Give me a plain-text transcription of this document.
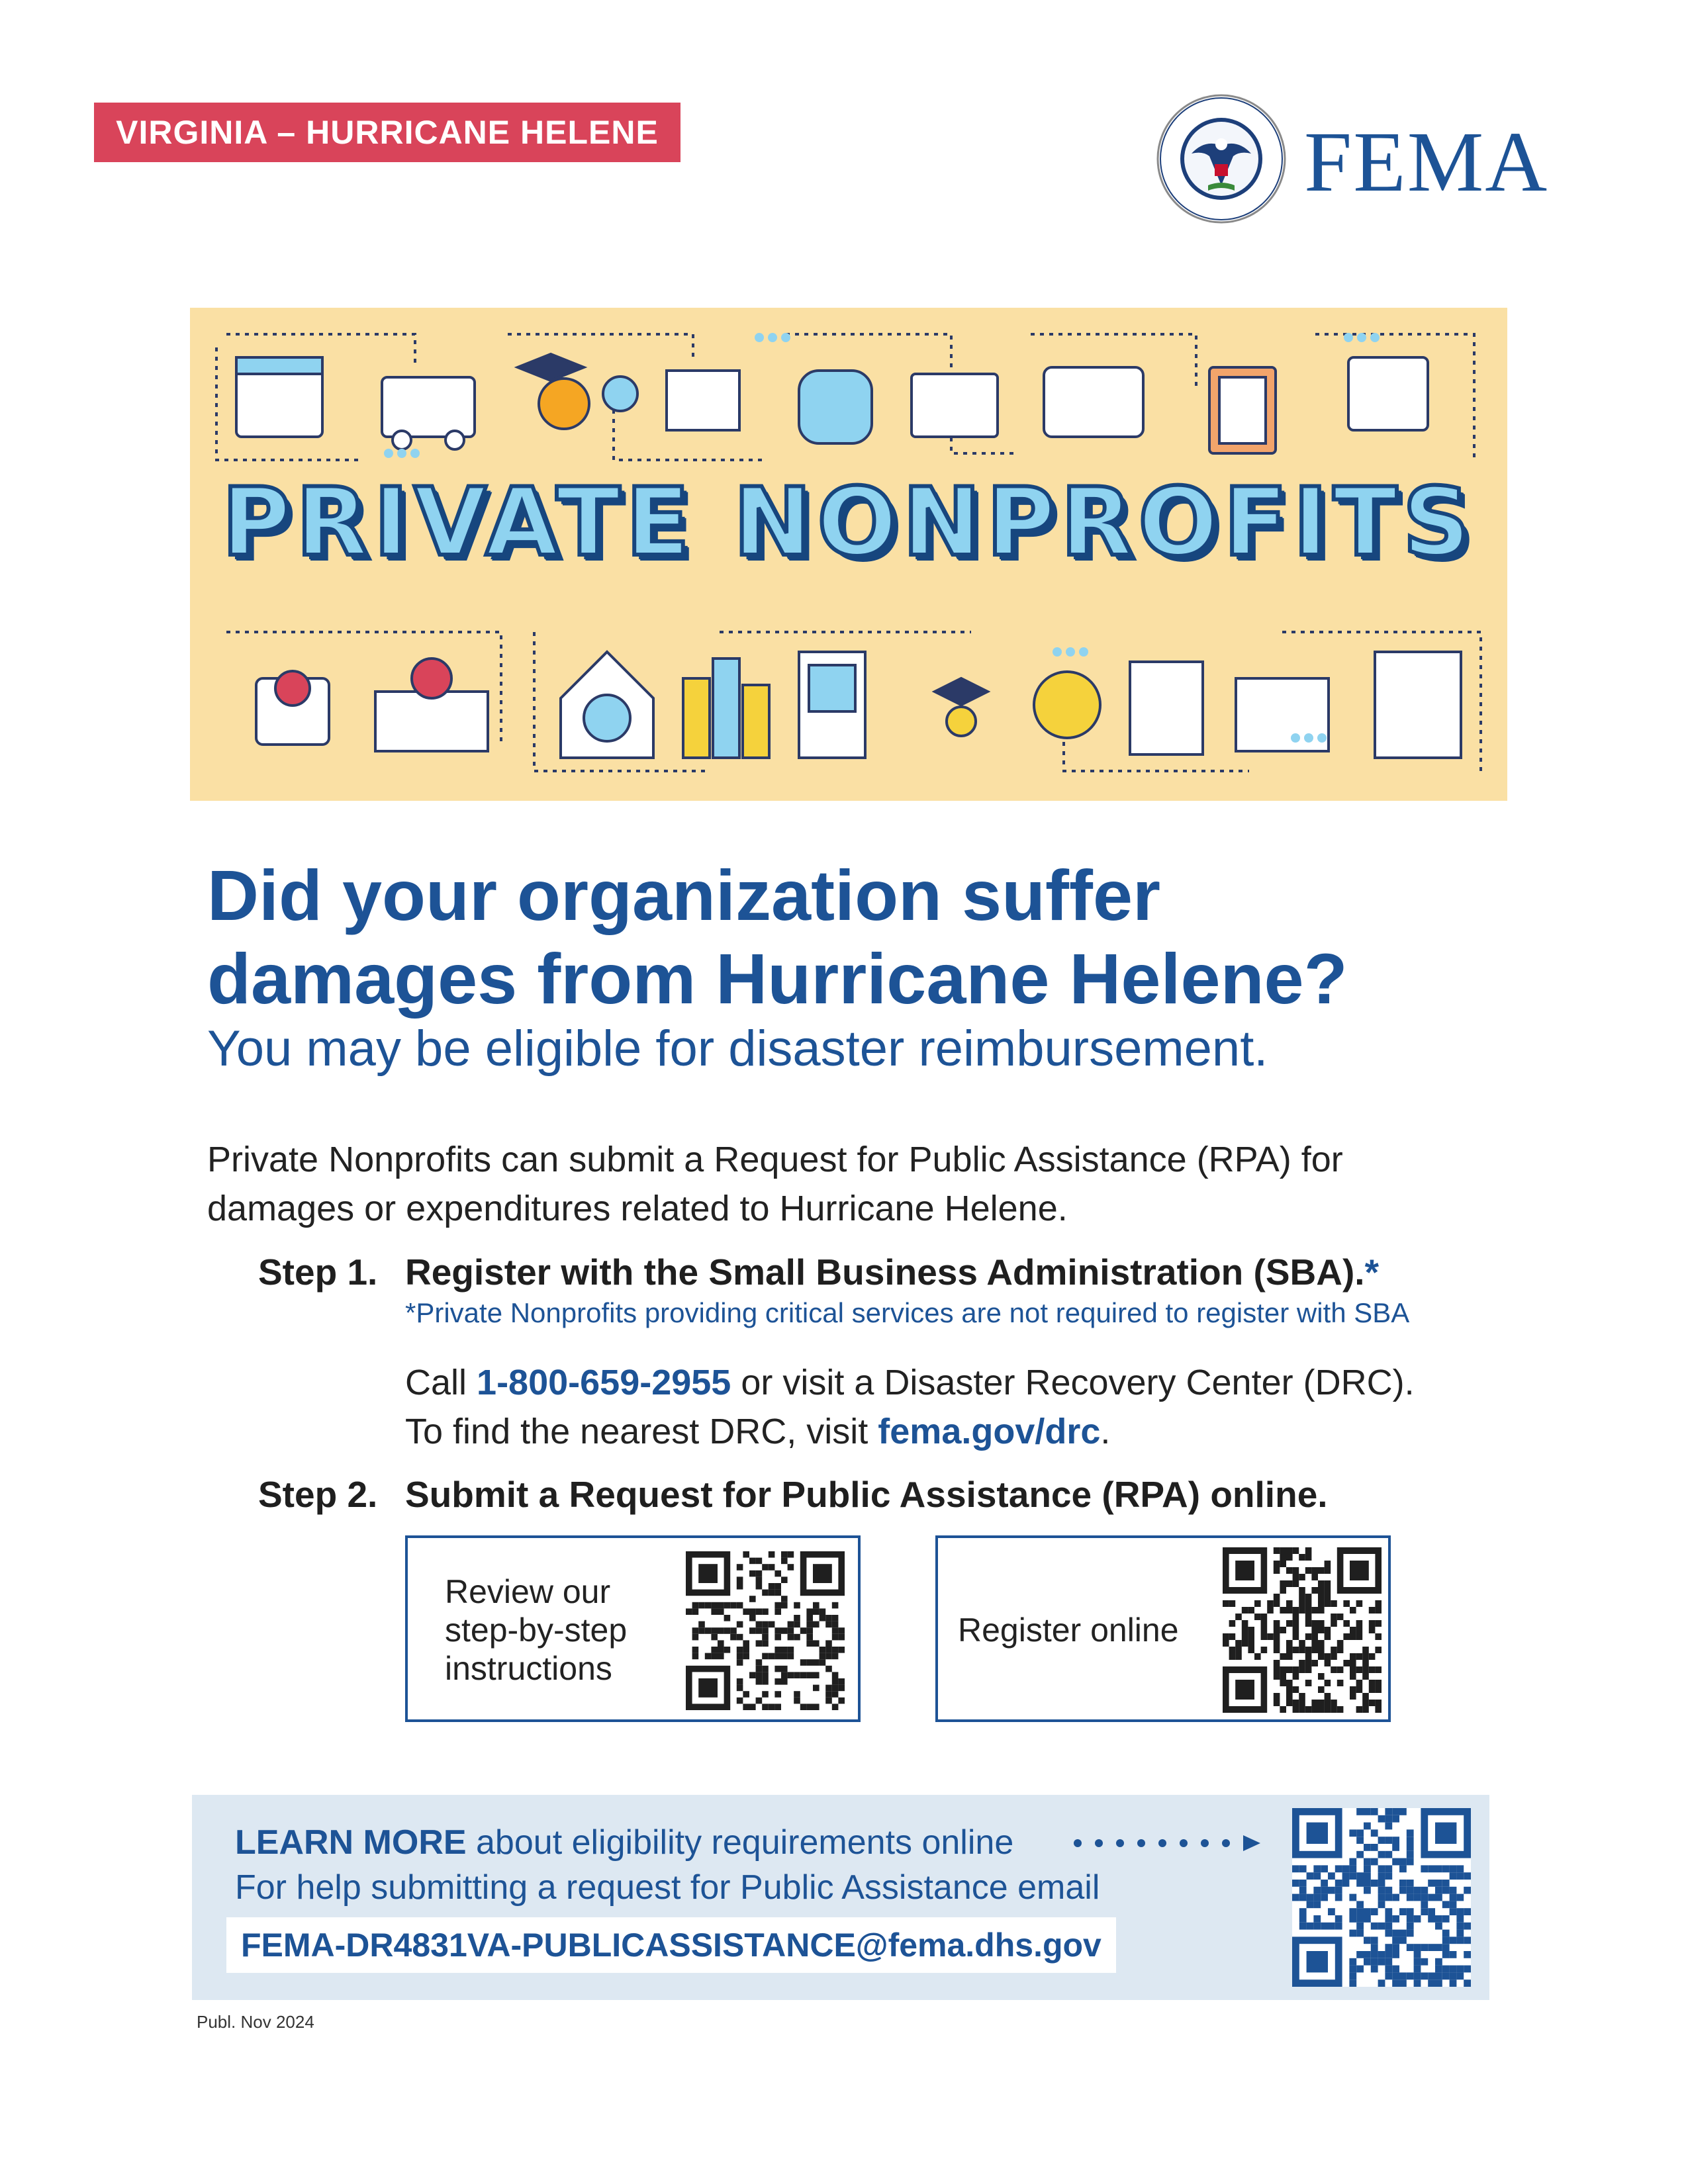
VIRGINIA – HURRICANE HELENE	FEMA
PRIVATE NONPROFITS
Did your organization suffer
damages from Hurricane Helene?
You may be eligible for disaster reimbursement.
Private Nonprofits can submit a Request for Public Assistance (RPA) for
damages or expenditures related to Hurricane Helene.
Step 1. Register with the Small Business Administration (SBA).*
*Private Nonprofits providing critical services are not required to register with SBA
Call 1-800-659-2955 or visit a Disaster Recovery Center (DRC).
To find the nearest DRC, visit fema.gov/drc.
Step 2. Submit a Request for Public Assistance (RPA) online.
Review our step-by-step instructions
Register online
LEARN MORE about eligibility requirements online
For help submitting a request for Public Assistance email
FEMA-DR4831VA-PUBLICASSISTANCE@fema.dhs.gov
Publ. Nov 2024
